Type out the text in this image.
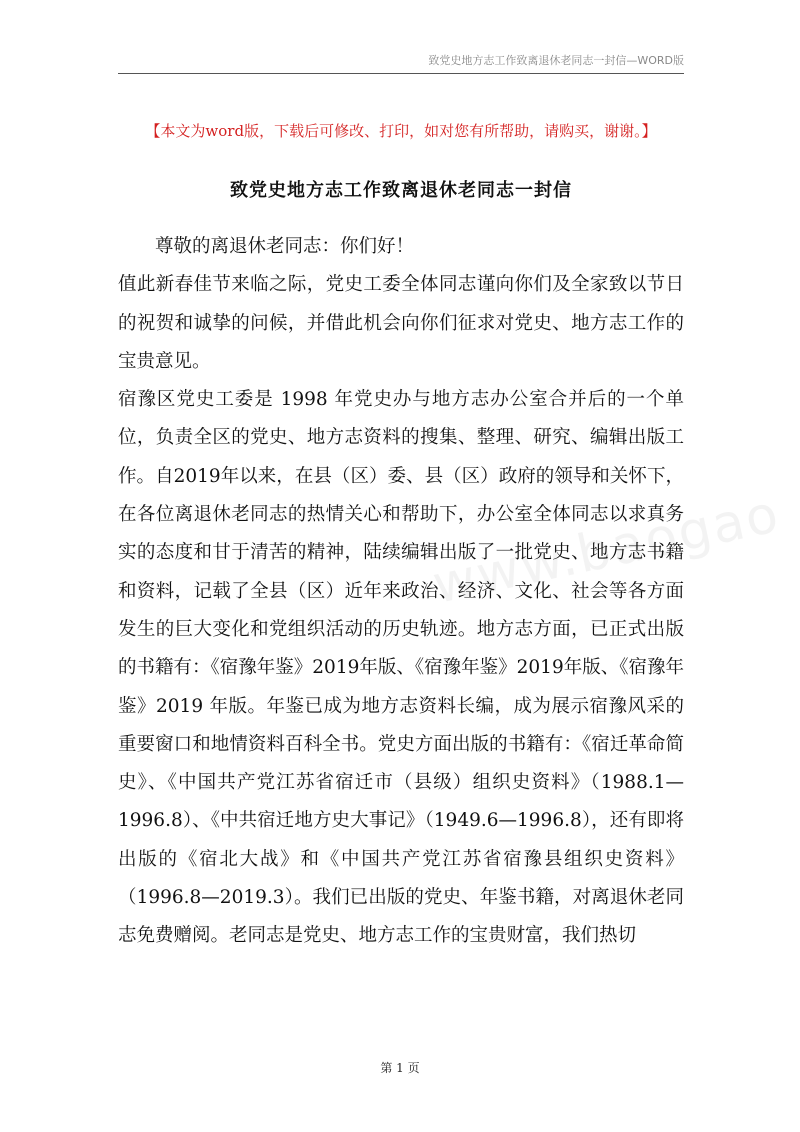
致党史地方志工作致离退休老同志一封信—WORD版
【本文为word版，下载后可修改、打印，如对您有所帮助，请购买，谢谢。】
致党史地方志工作致离退休老同志一封信

尊敬的离退休老同志：你们好！

值此新春佳节来临之际，党史工委全体同志谨向你们及全家致以节日的祝贺和诚挚的问候，并借此机会向你们征求对党史、地方志工作的宝贵意见。

宿豫区党史工委是 1998 年党史办与地方志办公室合并后的一个单位，负责全区的党史、地方志资料的搜集、整理、研究、编辑出版工作。自2019年以来，在县（区）委、县（区）政府的领导和关怀下，在各位离退休老同志的热情关心和帮助下，办公室全体同志以求真务实的态度和甘于清苦的精神，陆续编辑出版了一批党史、地方志书籍和资料，记载了全县（区）近年来政治、经济、文化、社会等各方面发生的巨大变化和党组织活动的历史轨迹。地方志方面，已正式出版的书籍有：《宿豫年鉴》2019年版、《宿豫年鉴》2019年版、《宿豫年鉴》2019 年版。年鉴已成为地方志资料长编，成为展示宿豫风采的重要窗口和地情资料百科全书。党史方面出版的书籍有：《宿迁革命简史》、《中国共产党江苏省宿迁市（县级）组织史资料》（1988.1—1996.8）、《中共宿迁地方史大事记》（1949.6—1996.8），还有即将出版的《宿北大战》和《中国共产党江苏省宿豫县组织史资料》（1996.8—2019.3）。我们已出版的党史、年鉴书籍，对离退休老同志免费赠阅。老同志是党史、地方志工作的宝贵财富，我们热切

第 1 页
